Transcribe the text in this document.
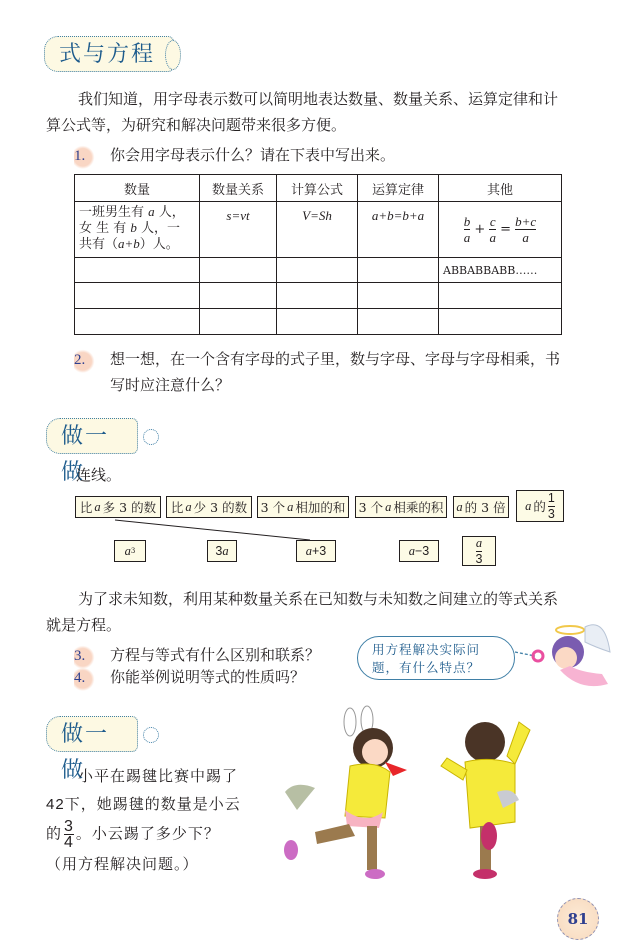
式与方程
我们知道，用字母表示数可以简明地表达数量、数量关系、运算定律和计
算公式等，为研究和解决问题带来很多方便。
1. 你会用字母表示什么？请在下表中写出来。
数量	数量关系	计算公式	运算定律	其他
一班男生有 a 人，
女 生 有 b 人，一
共有（a+b）人。	s=vt	V=Sh	a+b=b+a	$\frac{b}{a} + \frac{c}{a} = \frac{b+c}{a}$

				ABBABBABB……

2. 想一想，在一个含有字母的式子里，数与字母、字母与字母相乘，书
写时应注意什么？
做一做
连线。
比 a 多 3 的数 比 a 少 3 的数 3 个 a 相加的和 3 个 a 相乘的积 a 的 3 倍 a 的 $\frac{1}{3}$
a 3	3 a	a +3	a −3	$\frac{a}{3}$
为了求未知数，利用某种数量关系在已知数与未知数之间建立的等式关系
就是方程。
3. 方程与等式有什么区别和联系？
4. 你能举例说明等式的性质吗？
用方程解决实际问
题，有什么特点？
做一做
小平在踢毽比赛中踢了
42下，她踢毽的数量是小云
的 $\frac{3}{4}$ 。小云踢了多少下？
（用方程解决问题。）
81
